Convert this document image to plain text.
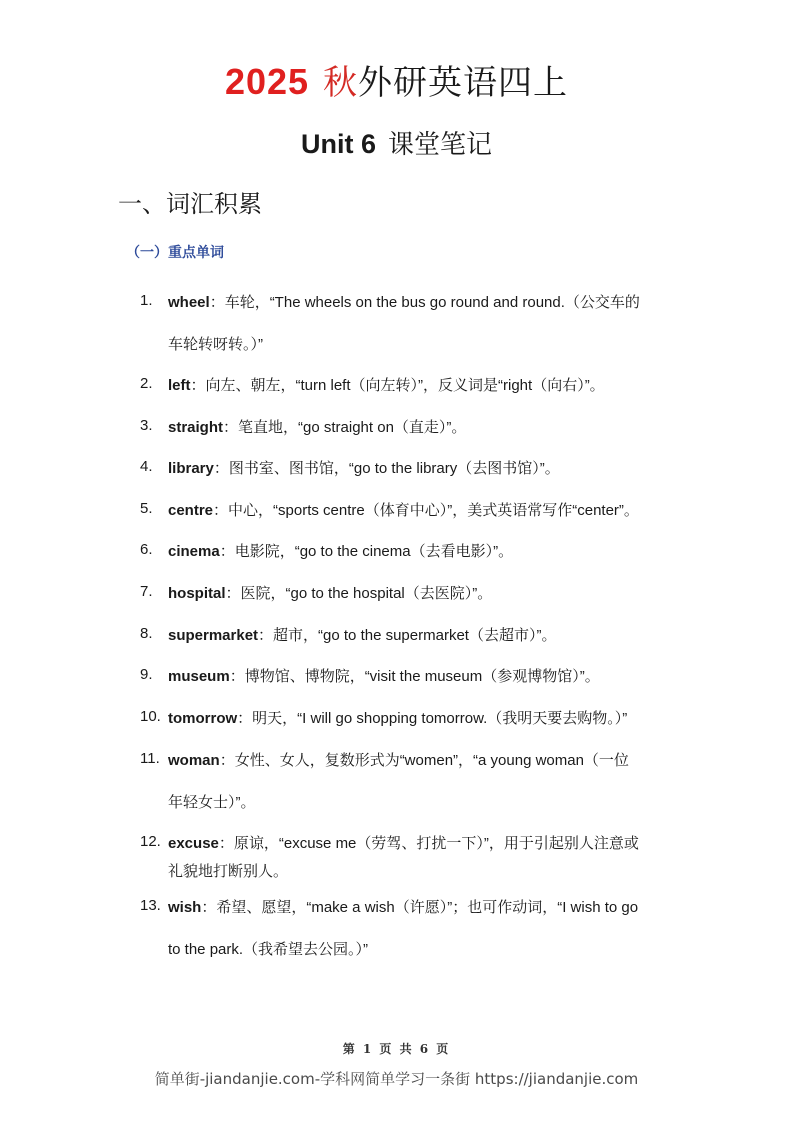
2025 秋外研英语四上
Unit 6 课堂笔记
一、词汇积累
（一）重点单词
1.	wheel：车轮，“The wheels on the bus go round and round.（公交车的
车轮转呀转。）”
2.	left：向左、朝左，“turn left（向左转）”，反义词是“right（向右）”。
3.	straight：笔直地，“go straight on（直走）”。
4.	library：图书室、图书馆，“go to the library（去图书馆）”。
5.	centre：中心，“sports centre（体育中心）”，美式英语常写作“center”。
6.	cinema：电影院，“go to the cinema（去看电影）”。
7.	hospital：医院，“go to the hospital（去医院）”。
8.	supermarket：超市，“go to the supermarket（去超市）”。
9.	museum：博物馆、博物院，“visit the museum（参观博物馆）”。
10. tomorrow：明天，“I will go shopping tomorrow.（我明天要去购物。）”
11. woman：女性、女人，复数形式为“women”，“a young woman（一位
年轻女士）”。
12. excuse：原谅，“excuse me（劳驾、打扰一下）”，用于引起别人注意或
礼貌地打断别人。
13. wish：希望、愿望，“make a wish（许愿）”；也可作动词，“I wish to go
to the park.（我希望去公园。）”
第 1 页 共 6 页
简单街-jiandanjie.com-学科网简单学习一条街 https://jiandanjie.com
